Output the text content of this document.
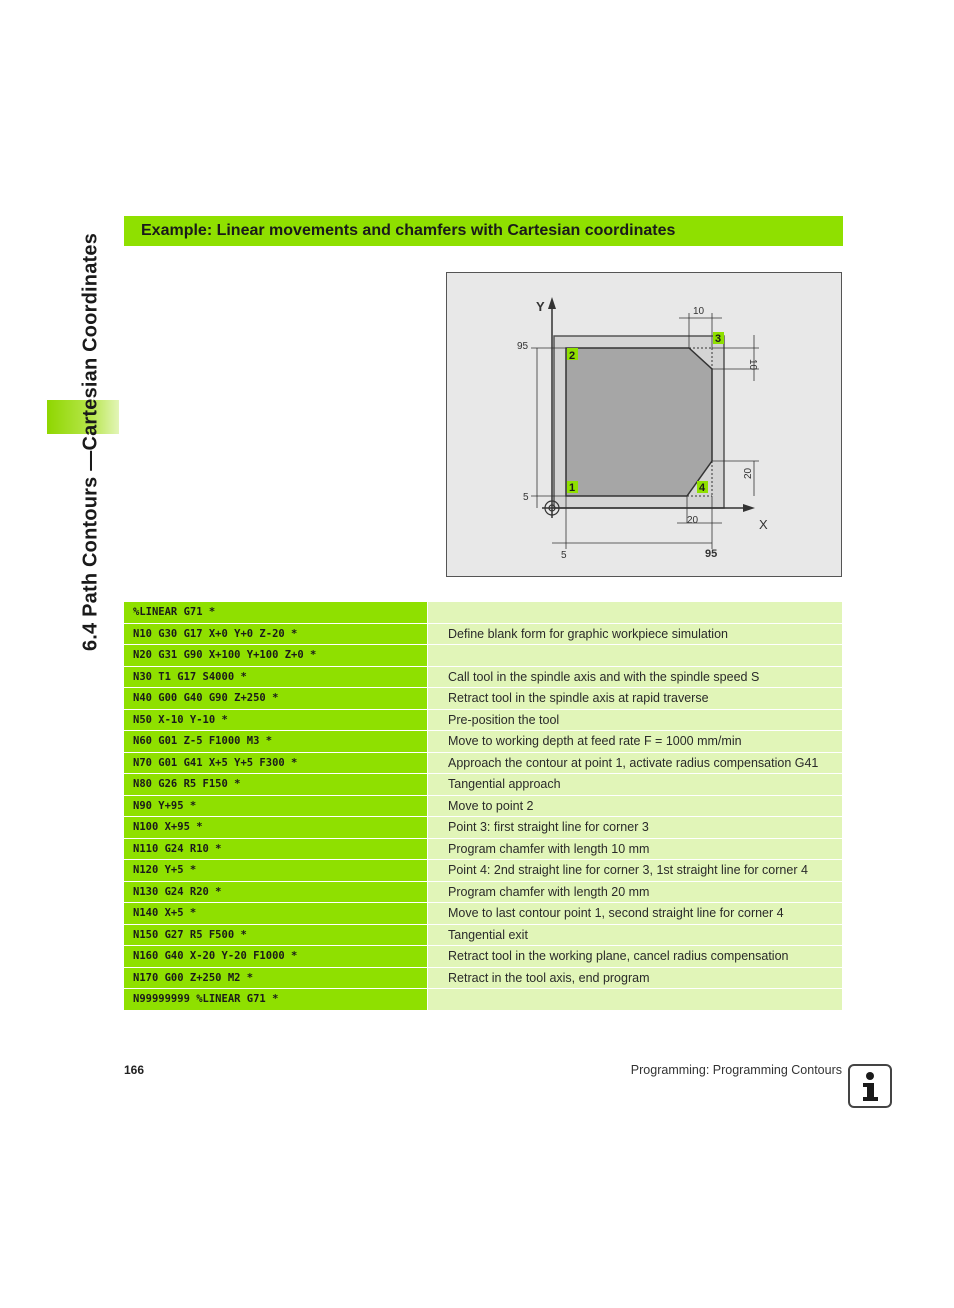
6.4 Path Contours —Cartesian Coordinates
Example: Linear movements and chamfers with Cartesian coordinates
Y
X
95
5
10
10
20
20
5	95
2
3
1	4
%LINEAR G71 *
N10 G30 G17 X+0 Y+0 Z-20 *	Define blank form for graphic workpiece simulation
N20 G31 G90 X+100 Y+100 Z+0 *
N30 T1 G17 S4000 *	Call tool in the spindle axis and with the spindle speed S
N40 G00 G40 G90 Z+250 *	Retract tool in the spindle axis at rapid traverse
N50 X-10 Y-10 *	Pre-position the tool
N60 G01 Z-5 F1000 M3 *	Move to working depth at feed rate F = 1000 mm/min
N70 G01 G41 X+5 Y+5 F300 *	Approach the contour at point 1, activate radius compensation G41
N80 G26 R5 F150 *	Tangential approach
N90 Y+95 *	Move to point 2
N100 X+95 *	Point 3: first straight line for corner 3
N110 G24 R10 *	Program chamfer with length 10 mm
N120 Y+5 *	Point 4: 2nd straight line for corner 3, 1st straight line for corner 4
N130 G24 R20 *	Program chamfer with length 20 mm
N140 X+5 *	Move to last contour point 1, second straight line for corner 4
N150 G27 R5 F500 *	Tangential exit
N160 G40 X-20 Y-20 F1000 *	Retract tool in the working plane, cancel radius compensation
N170 G00 Z+250 M2 *	Retract in the tool axis, end program
N99999999 %LINEAR G71 *
166	Programming: Programming Contours
